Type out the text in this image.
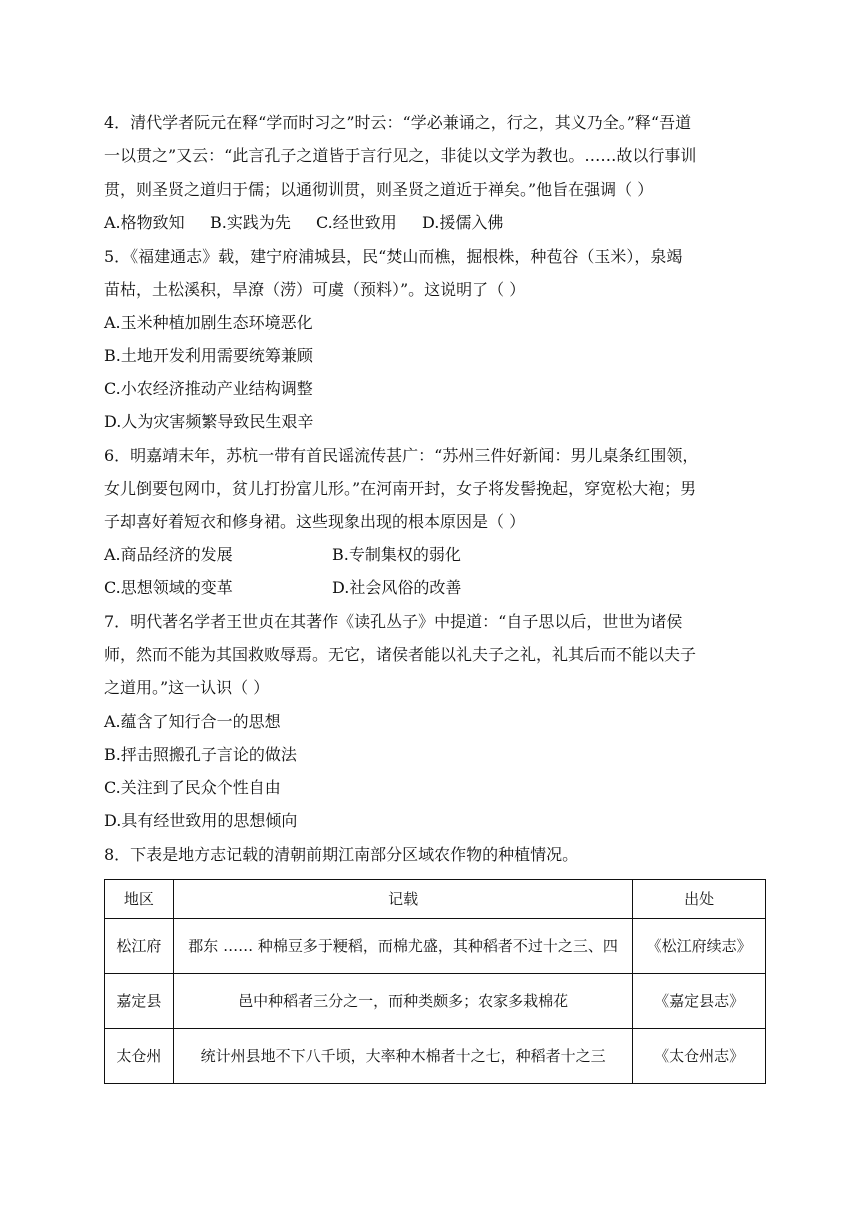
4．清代学者阮元在释“学而时习之”时云：“学必兼诵之，行之，其义乃全。”释“吾道
一以贯之”又云：“此言孔子之道皆于言行见之，非徒以文学为教也。……故以行事训
贯，则圣贤之道归于儒；以通彻训贯，则圣贤之道近于禅矣。”他旨在强调（ ）
A.格物致知 B.实践为先 C.经世致用 D.援儒入佛
5．《福建通志》载，建宁府浦城县，民“焚山而樵，掘根株，种苞谷（玉米），泉竭
苗枯，土松溪积，旱潦（涝）可虞（预料）”。这说明了（ ）
A.玉米种植加剧生态环境恶化
B.土地开发利用需要统筹兼顾
C.小农经济推动产业结构调整
D.人为灾害频繁导致民生艰辛
6．明嘉靖末年，苏杭一带有首民谣流传甚广：“苏州三件好新闻：男儿桌条红围领，
女儿倒要包网巾，贫儿打扮富儿形。”在河南开封，女子将发髻挽起，穿宽松大袍；男
子却喜好着短衣和修身裙。这些现象出现的根本原因是（ ）
A.商品经济的发展	B.专制集权的弱化
C.思想领域的变革	D.社会风俗的改善
7．明代著名学者王世贞在其著作《读孔丛子》中提道：“自子思以后，世世为诸侯
师，然而不能为其国救败辱焉。无它，诸侯者能以礼夫子之礼，礼其后而不能以夫子
之道用。”这一认识（ ）
A.蕴含了知行合一的思想
B.抨击照搬孔子言论的做法
C.关注到了民众个性自由
D.具有经世致用的思想倾向
8．下表是地方志记载的清朝前期江南部分区域农作物的种植情况。
地区	记载	出处
松江府	郡东 …… 种棉豆多于粳稻，而棉尤盛，其种稻者不过十之三、四	《松江府续志》
嘉定县	邑中种稻者三分之一，而种类颇多；农家多栽棉花	《嘉定县志》
太仓州	统计州县地不下八千顷，大率种木棉者十之七，种稻者十之三	《太仓州志》
